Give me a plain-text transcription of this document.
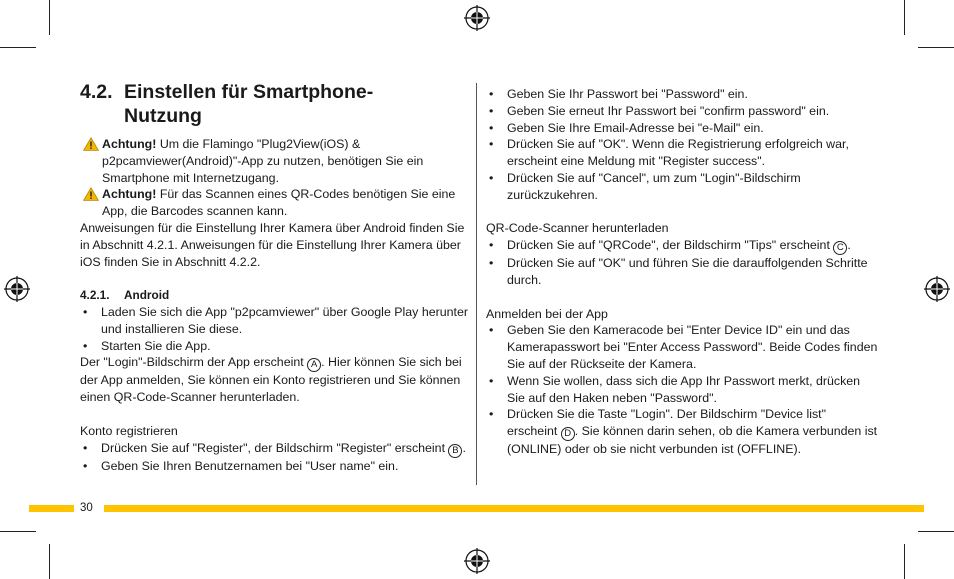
4.2. Einstellen für Smartphone-Nutzung
Achtung! Um die Flamingo "Plug2View(iOS) & p2pcamviewer(Android)"-App zu nutzen, benötigen Sie ein Smartphone mit Internetzugang.
Achtung! Für das Scannen eines QR-Codes benötigen Sie eine App, die Barcodes scannen kann.

Anweisungen für die Einstellung Ihrer Kamera über Android finden Sie in Abschnitt 4.2.1. Anweisungen für die Einstellung Ihrer Kamera über iOS finden Sie in Abschnitt 4.2.2.

4.2.1. Android
• Laden Sie sich die App "p2pcamviewer" über Google Play herunter und installieren Sie diese.
• Starten Sie die App.

Der "Login"-Bildschirm der App erscheint A . Hier können Sie sich bei der App anmelden, Sie können ein Konto registrieren und Sie können einen QR-Code-Scanner herunterladen.

Konto registrieren

• Drücken Sie auf "Register", der Bildschirm "Register" erscheint B .
• Geben Sie Ihren Benutzernamen bei "User name" ein.
• Geben Sie Ihr Passwort bei "Password" ein.
• Geben Sie erneut Ihr Passwort bei "confirm password" ein.
• Geben Sie Ihre Email-Adresse bei "e-Mail" ein.
• Drücken Sie auf "OK". Wenn die Registrierung erfolgreich war, erscheint eine Meldung mit "Register success".
• Drücken Sie auf "Cancel", um zum "Login"-Bildschirm zurückzukehren.

QR-Code-Scanner herunterladen

• Drücken Sie auf "QRCode", der Bildschirm "Tips" erscheint C .
• Drücken Sie auf "OK" und führen Sie die darauffolgenden Schritte durch.

Anmelden bei der App

• Geben Sie den Kameracode bei "Enter Device ID" ein und das Kamerapasswort bei "Enter Access Password". Beide Codes finden Sie auf der Rückseite der Kamera.
• Wenn Sie wollen, dass sich die App Ihr Passwort merkt, drücken Sie auf den Haken neben "Password".
• Drücken Sie die Taste "Login". Der Bildschirm "Device list" erscheint D . Sie können darin sehen, ob die Kamera verbunden ist (ONLINE) oder ob sie nicht verbunden ist (OFFLINE).
30
